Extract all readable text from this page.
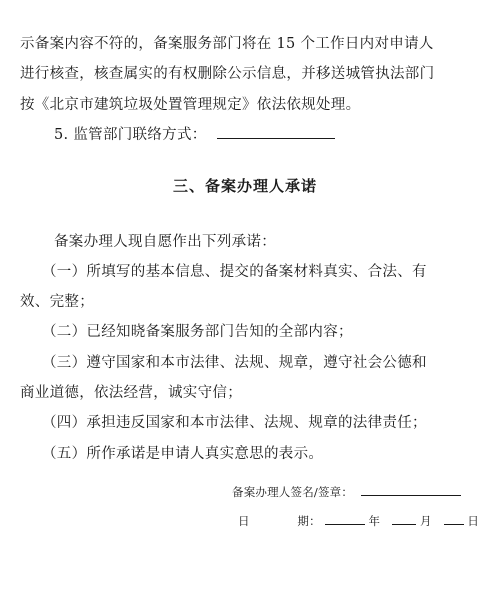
示备案内容不符的，备案服务部门将在 15 个工作日内对申请人
进行核查，核查属实的有权删除公示信息，并移送城管执法部门
按《北京市建筑垃圾处置管理规定》依法依规处理。
5. 监管部门联络方式：
三、备案办理人承诺
备案办理人现自愿作出下列承诺：
（一）所填写的基本信息、提交的备案材料真实、合法、有
效、完整；
（二）已经知晓备案服务部门告知的全部内容；
（三）遵守国家和本市法律、法规、规章，遵守社会公德和
商业道德，依法经营，诚实守信；
（四）承担违反国家和本市法律、法规、规章的法律责任；
（五）所作承诺是申请人真实意思的表示。
备案办理人签名/签章：
日	期：	年	月	日
